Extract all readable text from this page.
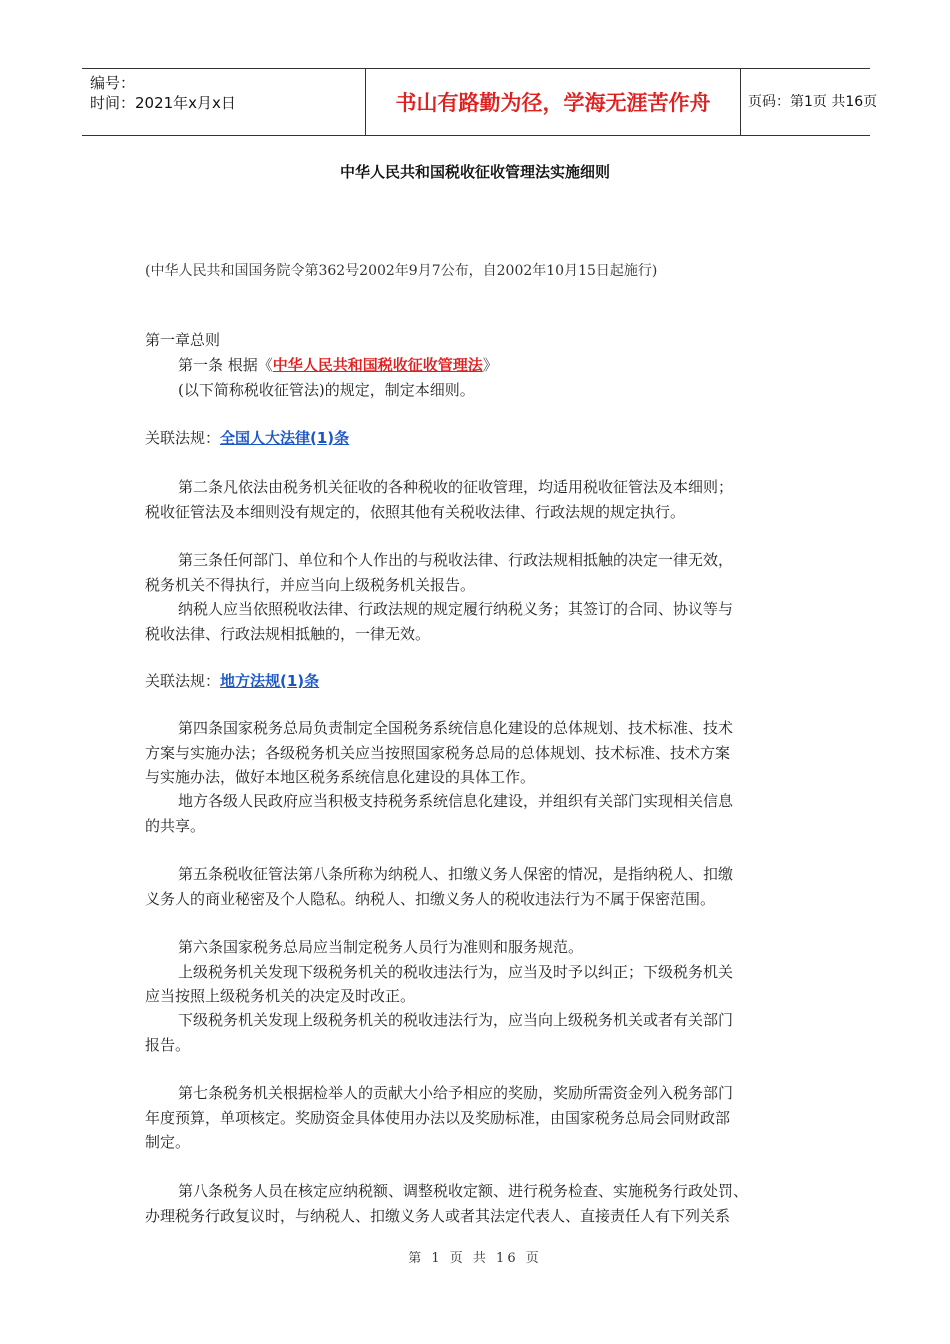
编号：
时间：2021年x月x日	书山有路勤为径，学海无涯苦作舟	页码：第1页 共16页
中华人民共和国税收征收管理法实施细则
(中华人民共和国国务院令第362号2002年9月7公布，自2002年10月15日起施行)
第一章总则
第一条 根据《中华人民共和国税收征收管理法》
(以下简称税收征管法)的规定，制定本细则。
关联法规：全国人大法律(1)条
第二条凡依法由税务机关征收的各种税收的征收管理，均适用税收征管法及本细则；
税收征管法及本细则没有规定的，依照其他有关税收法律、行政法规的规定执行。
第三条任何部门、单位和个人作出的与税收法律、行政法规相抵触的决定一律无效，
税务机关不得执行，并应当向上级税务机关报告。
纳税人应当依照税收法律、行政法规的规定履行纳税义务；其签订的合同、协议等与
税收法律、行政法规相抵触的，一律无效。
关联法规：地方法规(1)条
第四条国家税务总局负责制定全国税务系统信息化建设的总体规划、技术标准、技术
方案与实施办法；各级税务机关应当按照国家税务总局的总体规划、技术标准、技术方案
与实施办法，做好本地区税务系统信息化建设的具体工作。
地方各级人民政府应当积极支持税务系统信息化建设，并组织有关部门实现相关信息
的共享。
第五条税收征管法第八条所称为纳税人、扣缴义务人保密的情况，是指纳税人、扣缴
义务人的商业秘密及个人隐私。纳税人、扣缴义务人的税收违法行为不属于保密范围。
第六条国家税务总局应当制定税务人员行为准则和服务规范。
上级税务机关发现下级税务机关的税收违法行为，应当及时予以纠正；下级税务机关
应当按照上级税务机关的决定及时改正。
下级税务机关发现上级税务机关的税收违法行为，应当向上级税务机关或者有关部门
报告。
第七条税务机关根据检举人的贡献大小给予相应的奖励，奖励所需资金列入税务部门
年度预算，单项核定。奖励资金具体使用办法以及奖励标准，由国家税务总局会同财政部
制定。
第八条税务人员在核定应纳税额、调整税收定额、进行税务检查、实施税务行政处罚、
办理税务行政复议时，与纳税人、扣缴义务人或者其法定代表人、直接责任人有下列关系
第 1 页 共 16 页
